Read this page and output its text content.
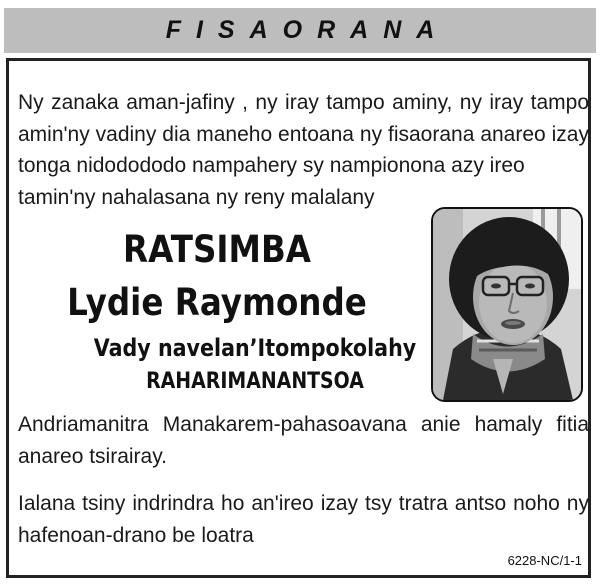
FISAORANA
Ny zanaka aman-jafiny , ny iray tampo aminy, ny iray tampo amin'ny vadiny dia maneho entoana ny fisaorana anareo izay tonga nidodododo nampahery sy nampionona azy ireo
tamin'ny nahalasana ny reny malalany
RATSIMBA
Lydie Raymonde
Vady navelan’Itompokolahy
RAHARIMANANTSOA
Andriamanitra Manakarem-pahasoavana anie hamaly fitia anareo tsirairay.
Ialana tsiny indrindra ho an'ireo izay tsy tratra antso noho ny hafenoan-drano be loatra
6228-NC/1-1
